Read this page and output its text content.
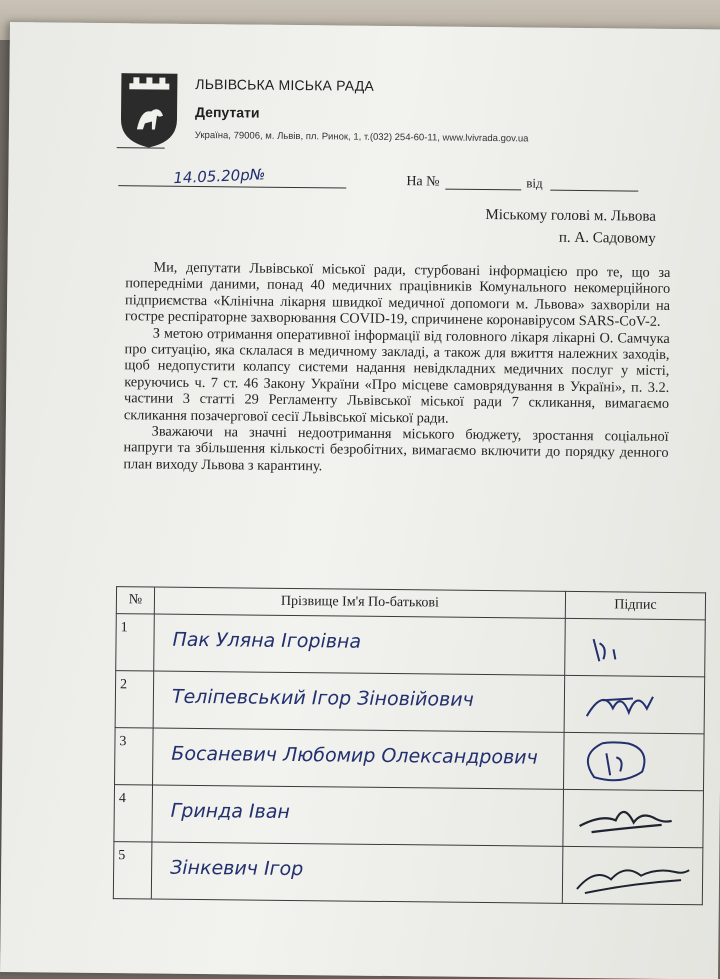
ЛЬВІВСЬКА МІСЬКА РАДА
Депутати
Україна, 79006, м. Львів, пл. Ринок, 1, т.(032) 254-60-11, www.lvivrada.gov.ua
14.05.20р№	На №	від
Міському голові м. Львова
п. А. Садовому

Ми, депутати Львівської міської ради, стурбовані інформацією про те, що за попередніми даними, понад 40 медичних працівників Комунального некомерційного підприємства «Клінічна лікарня швидкої медичної допомоги м. Львова» захворіли на гостре респіраторне захворювання COVID-19, спричинене коронавірусом SARS-CoV-2.

З метою отримання оперативної інформації від головного лікаря лікарні О. Самчука про ситуацію, яка склалася в медичному закладі, а також для вжиття належних заходів, щоб недопустити колапсу системи надання невідкладних медичних послуг у місті, керуючись ч. 7 ст. 46 Закону України «Про місцеве самоврядування в Україні», п. 3.2. частини 3 статті 29 Регламенту Львівської міської ради 7 скликання, вимагаємо скликання позачергової сесії Львівської міської ради.

Зважаючи на значні недоотримання міського бюджету, зростання соціальної напруги та збільшення кількості безробітних, вимагаємо включити до порядку денного план виходу Львова з карантину.

№	Прізвище Ім'я По-батькові	Підпис
1	Пак Уляна Ігорівна

2	Теліпевський Ігор Зіновійович

3	Босаневич Любомир Олександрович

4	Гринда Іван

5	Зінкевич Ігор
